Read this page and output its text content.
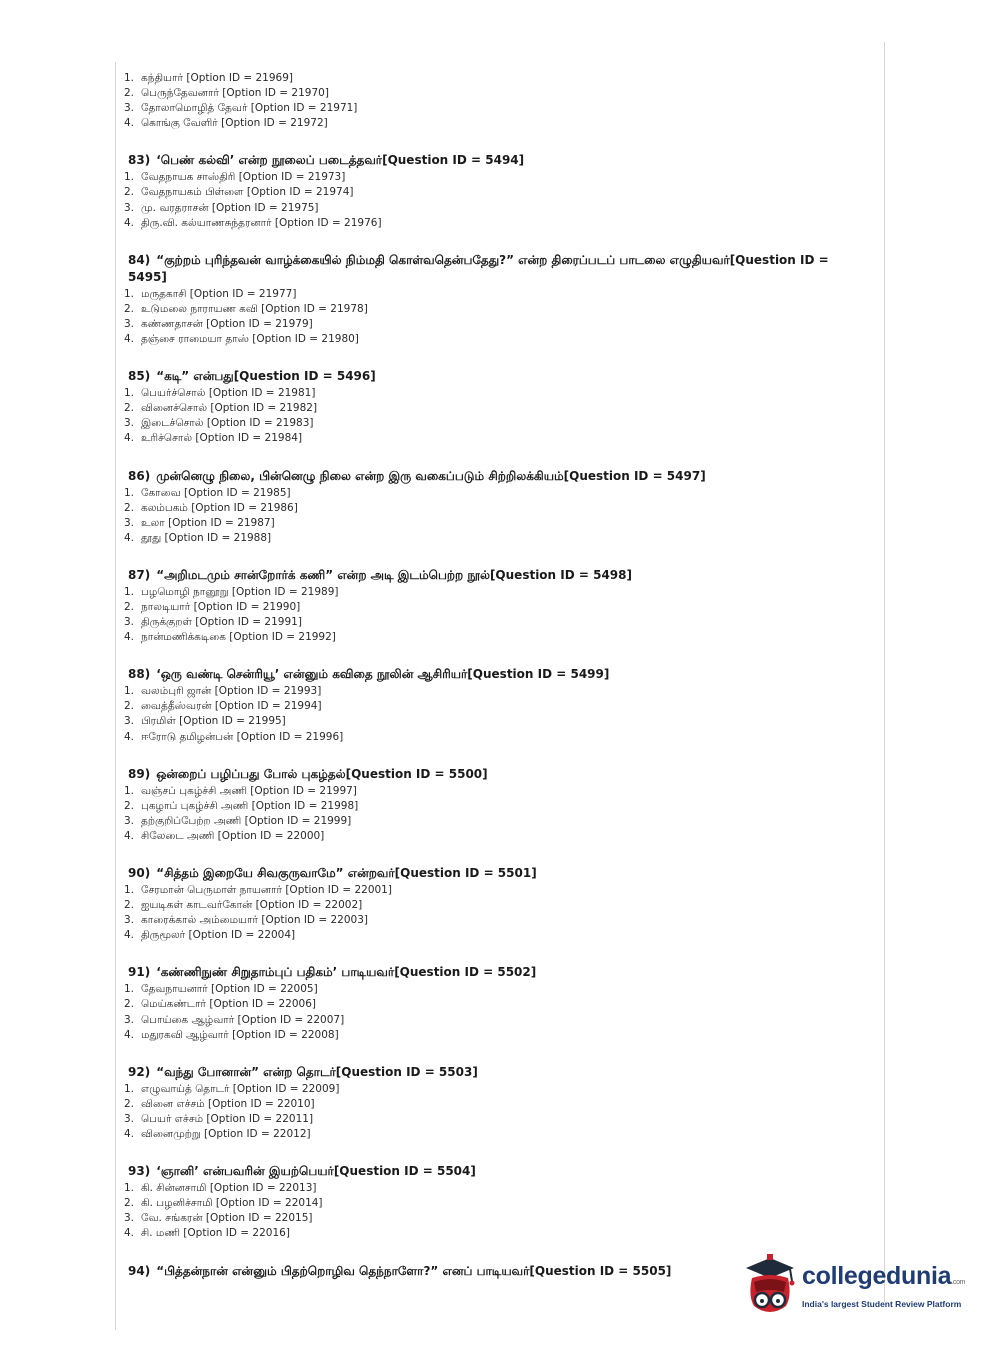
1. கந்தியார் [Option ID = 21969]
2. பெருந்தேவனார் [Option ID = 21970]
3. தோலாமொழித் தேவர் [Option ID = 21971]
4. கொங்கு வேளிர் [Option ID = 21972]
83) ‘பெண் கல்வி’ என்ற நூலைப் படைத்தவர்[Question ID = 5494]
1. வேதநாயக சாஸ்திரி [Option ID = 21973]
2. வேதநாயகம் பிள்ளை [Option ID = 21974]
3. மு. வரதராசன் [Option ID = 21975]
4. திரு.வி. கல்யாணசுந்தரனார் [Option ID = 21976]
84) “குற்றம் புரிந்தவன் வாழ்க்கையில் நிம்மதி கொள்வதென்பதேது?” என்ற திரைப்படப் பாடலை எழுதியவர்[Question ID = 5495]
1. மருதகாசி [Option ID = 21977]
2. உடுமலை நாராயண கவி [Option ID = 21978]
3. கண்ணதாசன் [Option ID = 21979]
4. தஞ்சை ராமையா தாஸ் [Option ID = 21980]
85) “கடி” என்பது[Question ID = 5496]
1. பெயர்ச்சொல் [Option ID = 21981]
2. வினைச்சொல் [Option ID = 21982]
3. இடைச்சொல் [Option ID = 21983]
4. உரிச்சொல் [Option ID = 21984]
86) முன்னெழு நிலை, பின்னெழு நிலை என்ற இரு வகைப்படும் சிற்றிலக்கியம்[Question ID = 5497]
1. கோவை [Option ID = 21985]
2. கலம்பகம் [Option ID = 21986]
3. உலா [Option ID = 21987]
4. தூது [Option ID = 21988]
87) “அறிமடமும் சான்றோர்க் கணி” என்ற அடி இடம்பெற்ற நூல்[Question ID = 5498]
1. பழமொழி நானூறு [Option ID = 21989]
2. நாலடியார் [Option ID = 21990]
3. திருக்குறள் [Option ID = 21991]
4. நான்மணிக்கடிகை [Option ID = 21992]
88) ‘ஒரு வண்டி சென்ரியூ’ என்னும் கவிதை நூலின் ஆசிரியர்[Question ID = 5499]
1. வலம்புரி ஜான் [Option ID = 21993]
2. வைத்தீஸ்வரன் [Option ID = 21994]
3. பிரமிள் [Option ID = 21995]
4. ஈரோடு தமிழன்பன் [Option ID = 21996]
89) ஒன்றைப் பழிப்பது போல் புகழ்தல்[Question ID = 5500]
1. வஞ்சப் புகழ்ச்சி அணி [Option ID = 21997]
2. புகழாப் புகழ்ச்சி அணி [Option ID = 21998]
3. தற்குறிப்பேற்ற அணி [Option ID = 21999]
4. சிலேடை அணி [Option ID = 22000]
90) “சித்தம் இறையே சிவகுருவாமே” என்றவர்[Question ID = 5501]
1. சேரமான் பெருமாள் நாயனார் [Option ID = 22001]
2. ஐயடிகள் காடவர்கோன் [Option ID = 22002]
3. காரைக்கால் அம்மையார் [Option ID = 22003]
4. திருமூலர் [Option ID = 22004]
91) ‘கண்ணிநுண் சிறுதாம்புப் பதிகம்’ பாடியவர்[Question ID = 5502]
1. தேவநாயனார் [Option ID = 22005]
2. மெய்கண்டார் [Option ID = 22006]
3. பொய்கை ஆழ்வார் [Option ID = 22007]
4. மதுரகவி ஆழ்வார் [Option ID = 22008]
92) “வந்து போனான்” என்ற தொடர்[Question ID = 5503]
1. எழுவாய்த் தொடர் [Option ID = 22009]
2. வினை எச்சம் [Option ID = 22010]
3. பெயர் எச்சம் [Option ID = 22011]
4. வினைமுற்று [Option ID = 22012]
93) ‘ஞானி’ என்பவரின் இயற்பெயர்[Question ID = 5504]
1. கி. சின்னசாமி [Option ID = 22013]
2. கி. பழனிச்சாமி [Option ID = 22014]
3. வே. சங்கரன் [Option ID = 22015]
4. சி. மணி [Option ID = 22016]
94) “பித்தன்நான் என்னும் பிதற்றொழிவ தெந்நாளோ?” எனப் பாடியவர்[Question ID = 5505]	collegedunia.com
India's largest Student Review Platform
